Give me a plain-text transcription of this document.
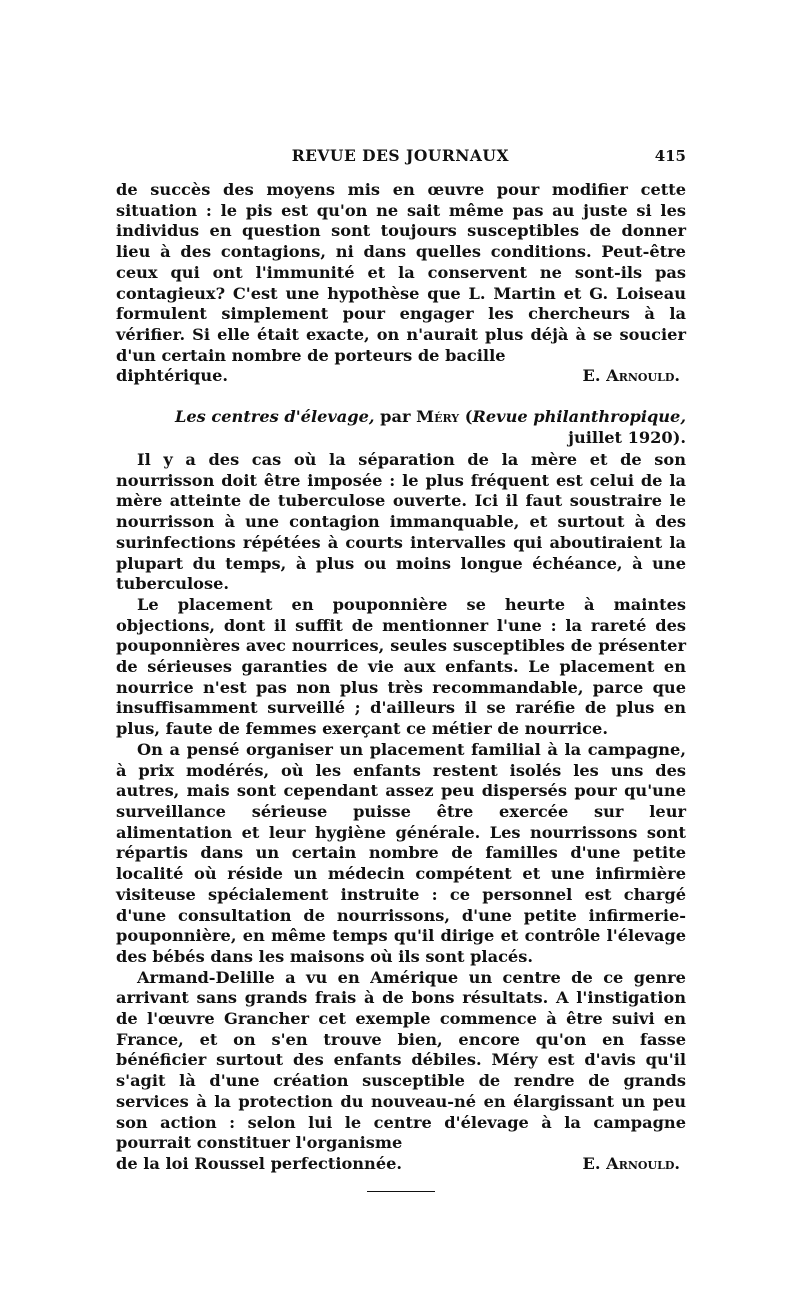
REVUE DES JOURNAUX	415

de succès des moyens mis en œuvre pour modifier cette situation : le pis est qu'on ne sait même pas au juste si les individus en question sont toujours susceptibles de donner lieu à des contagions, ni dans quelles conditions. Peut-être ceux qui ont l'immunité et la conservent ne sont-ils pas contagieux? C'est une hypothèse que L. Martin et G. Loiseau formulent simplement pour engager les chercheurs à la vérifier. Si elle était exacte, on n'aurait plus déjà à se soucier d'un certain nombre de porteurs de bacille

diphtérique.	E. Arnould.
Les centres d'élevage, par Méry (Revue philanthropique, juillet 1920).

Il y a des cas où la séparation de la mère et de son nourrisson doit être imposée : le plus fréquent est celui de la mère atteinte de tuberculose ouverte. Ici il faut soustraire le nourrisson à une contagion immanquable, et surtout à des surinfections répétées à courts intervalles qui aboutiraient la plupart du temps, à plus ou moins longue échéance, à une tuberculose.

Le placement en pouponnière se heurte à maintes objections, dont il suffit de mentionner l'une : la rareté des pouponnières avec nourrices, seules susceptibles de présenter de sérieuses garanties de vie aux enfants. Le placement en nourrice n'est pas non plus très recommandable, parce que insuffisamment surveillé ; d'ailleurs il se raréfie de plus en plus, faute de femmes exerçant ce métier de nourrice.

On a pensé organiser un placement familial à la campagne, à prix modérés, où les enfants restent isolés les uns des autres, mais sont cependant assez peu dispersés pour qu'une surveillance sérieuse puisse être exercée sur leur alimentation et leur hygiène générale. Les nourrissons sont répartis dans un certain nombre de familles d'une petite localité où réside un médecin compétent et une infirmière visiteuse spécialement instruite : ce personnel est chargé d'une consultation de nourrissons, d'une petite infirmerie-pouponnière, en même temps qu'il dirige et contrôle l'élevage des bébés dans les maisons où ils sont placés.

Armand-Delille a vu en Amérique un centre de ce genre arrivant sans grands frais à de bons résultats. A l'instigation de l'œuvre Grancher cet exemple commence à être suivi en France, et on s'en trouve bien, encore qu'on en fasse bénéficier surtout des enfants débiles. Méry est d'avis qu'il s'agit là d'une création susceptible de rendre de grands services à la protection du nouveau-né en élargissant un peu son action : selon lui le centre d'élevage à la campagne pourrait constituer l'organisme

de la loi Roussel perfectionnée.	E. Arnould.
